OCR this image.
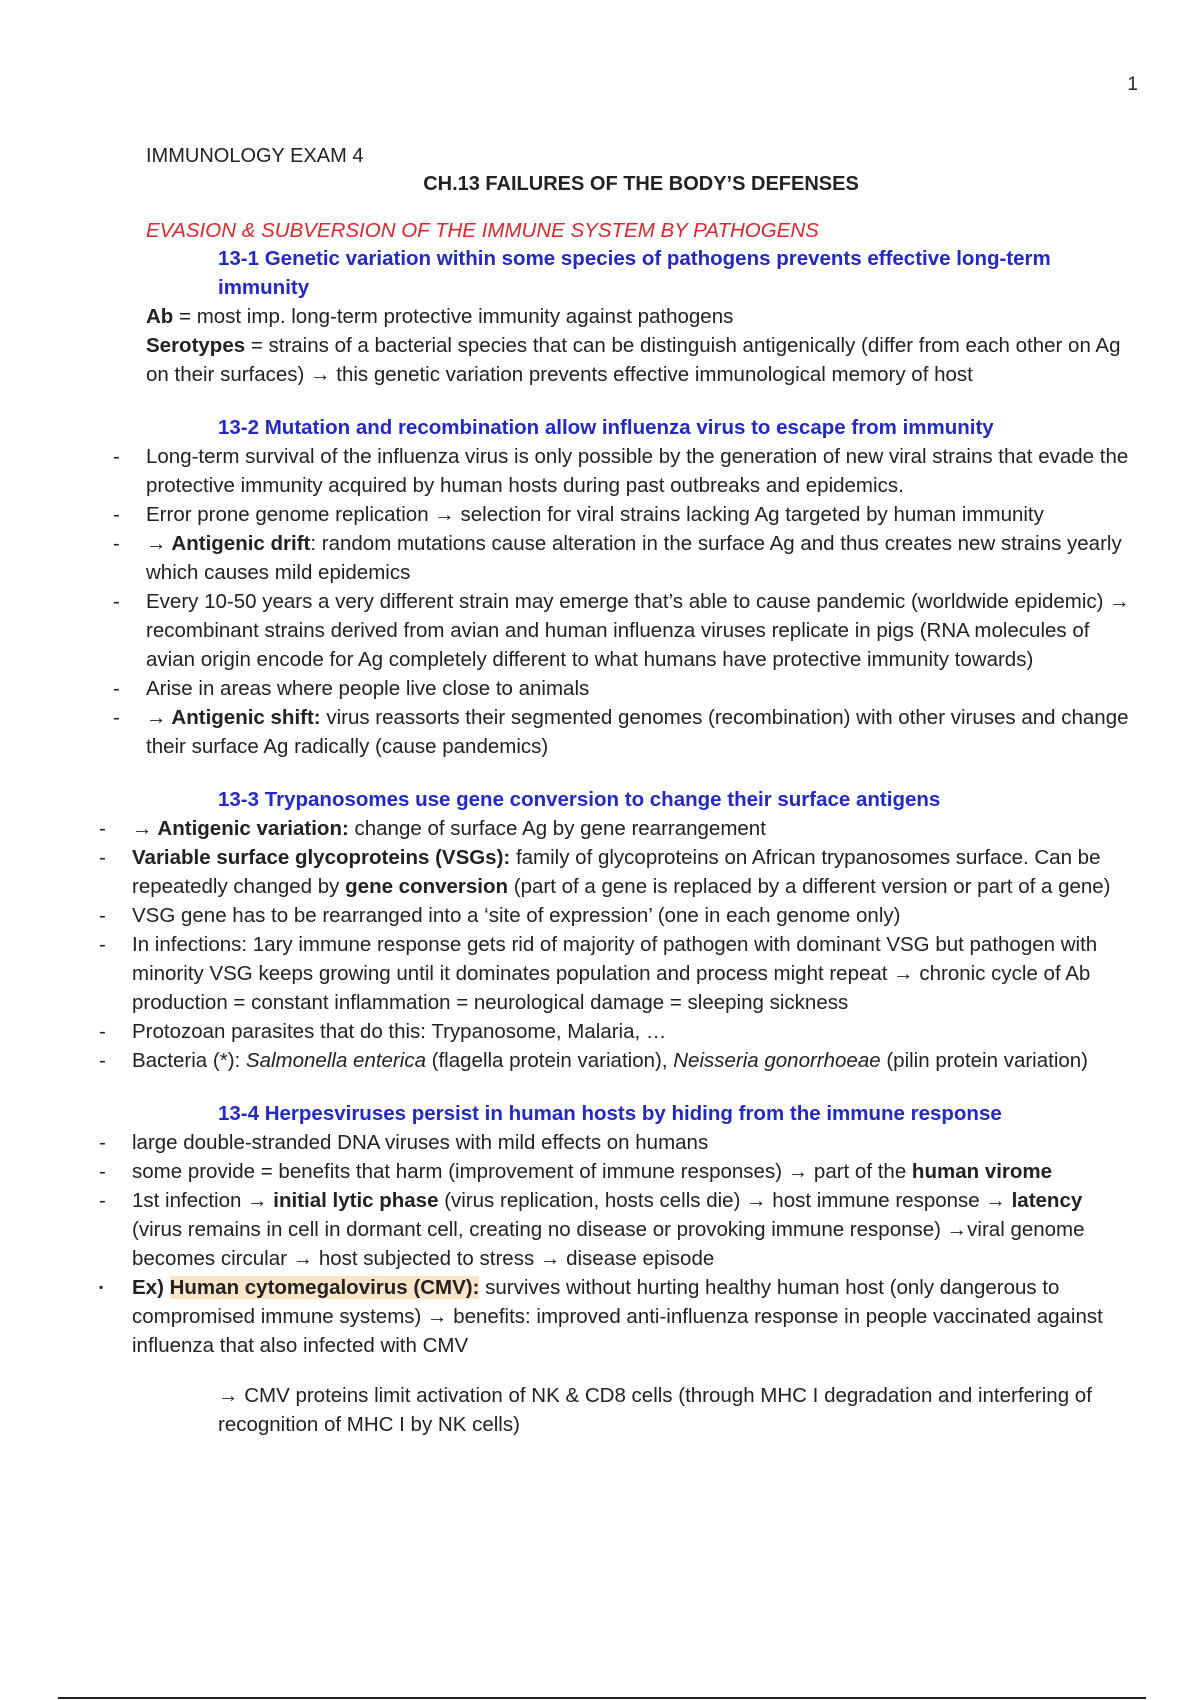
1

IMMUNOLOGY EXAM 4

CH.13 FAILURES OF THE BODY’S DEFENSES

EVASION & SUBVERSION OF THE IMMUNE SYSTEM BY PATHOGENS

13-1 Genetic variation within some species of pathogens prevents effective long-term immunity

Ab = most imp. long-term protective immunity against pathogens

Serotypes = strains of a bacterial species that can be distinguish antigenically (differ from each other on Ag on their surfaces) → this genetic variation prevents effective immunological memory of host

13-2 Mutation and recombination allow influenza virus to escape from immunity

- Long-term survival of the influenza virus is only possible by the generation of new viral strains that evade the protective immunity acquired by human hosts during past outbreaks and epidemics.
- Error prone genome replication → selection for viral strains lacking Ag targeted by human immunity
- → Antigenic drift: random mutations cause alteration in the surface Ag and thus creates new strains yearly which causes mild epidemics
- Every 10-50 years a very different strain may emerge that’s able to cause pandemic (worldwide epidemic) → recombinant strains derived from avian and human influenza viruses replicate in pigs (RNA molecules of avian origin encode for Ag completely different to what humans have protective immunity towards)
- Arise in areas where people live close to animals
- → Antigenic shift: virus reassorts their segmented genomes (recombination) with other viruses and change their surface Ag radically (cause pandemics)

13-3 Trypanosomes use gene conversion to change their surface antigens

- → Antigenic variation: change of surface Ag by gene rearrangement
- Variable surface glycoproteins (VSGs): family of glycoproteins on African trypanosomes surface. Can be repeatedly changed by gene conversion (part of a gene is replaced by a different version or part of a gene)
- VSG gene has to be rearranged into a ‘site of expression’ (one in each genome only)
- In infections: 1ary immune response gets rid of majority of pathogen with dominant VSG but pathogen with minority VSG keeps growing until it dominates population and process might repeat → chronic cycle of Ab production = constant inflammation = neurological damage = sleeping sickness
- Protozoan parasites that do this: Trypanosome, Malaria, …
- Bacteria (*): Salmonella enterica (flagella protein variation), Neisseria gonorrhoeae (pilin protein variation)

13-4 Herpesviruses persist in human hosts by hiding from the immune response

- large double-stranded DNA viruses with mild effects on humans
- some provide = benefits that harm (improvement of immune responses) → part of the human virome
- 1st infection → initial lytic phase (virus replication, hosts cells die) → host immune response → latency (virus remains in cell in dormant cell, creating no disease or provoking immune response) →viral genome becomes circular → host subjected to stress → disease episode
▪ Ex) Human cytomegalovirus (CMV): survives without hurting healthy human host (only dangerous to compromised immune systems) → benefits: improved anti-influenza response in people vaccinated against influenza that also infected with CMV

→ CMV proteins limit activation of NK & CD8 cells (through MHC I degradation and interfering of recognition of MHC I by NK cells)
